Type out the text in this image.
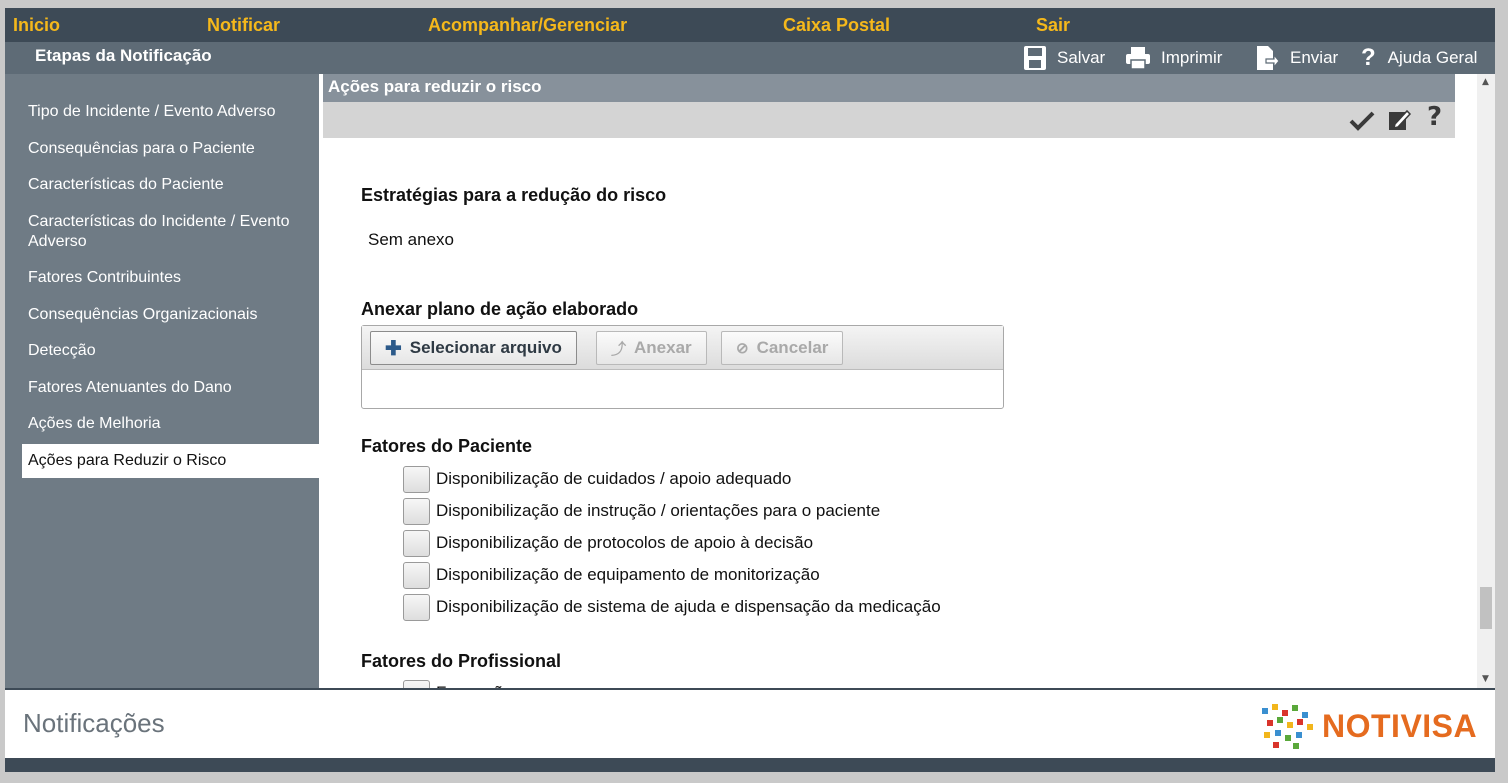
Inicio	Notificar	Acompanhar/Gerenciar	Caixa Postal	Sair
Etapas da Notificação	Salvar	Imprimir	Enviar ? Ajuda Geral
Tipo de Incidente / Evento Adverso
Consequências para o Paciente
Características do Paciente
Características do Incidente / Evento Adverso
Fatores Contribuintes
Consequências Organizacionais
Detecção
Fatores Atenuantes do Dano
Ações de Melhoria
Ações para Reduzir o Risco
Ações para reduzir o risco
?
Estratégias para a redução do risco
Sem anexo
Anexar plano de ação elaborado
✚ Selecionar arquivo	⤴ Anexar	⊘ Cancelar
Fatores do Paciente
Disponibilização de cuidados / apoio adequado
Disponibilização de instrução / orientações para o paciente
Disponibilização de protocolos de apoio à decisão
Disponibilização de equipamento de monitorização
Disponibilização de sistema de ajuda e dispensação da medicação
Fatores do Profissional
▲
▼
Notificações	NOTIVISA
